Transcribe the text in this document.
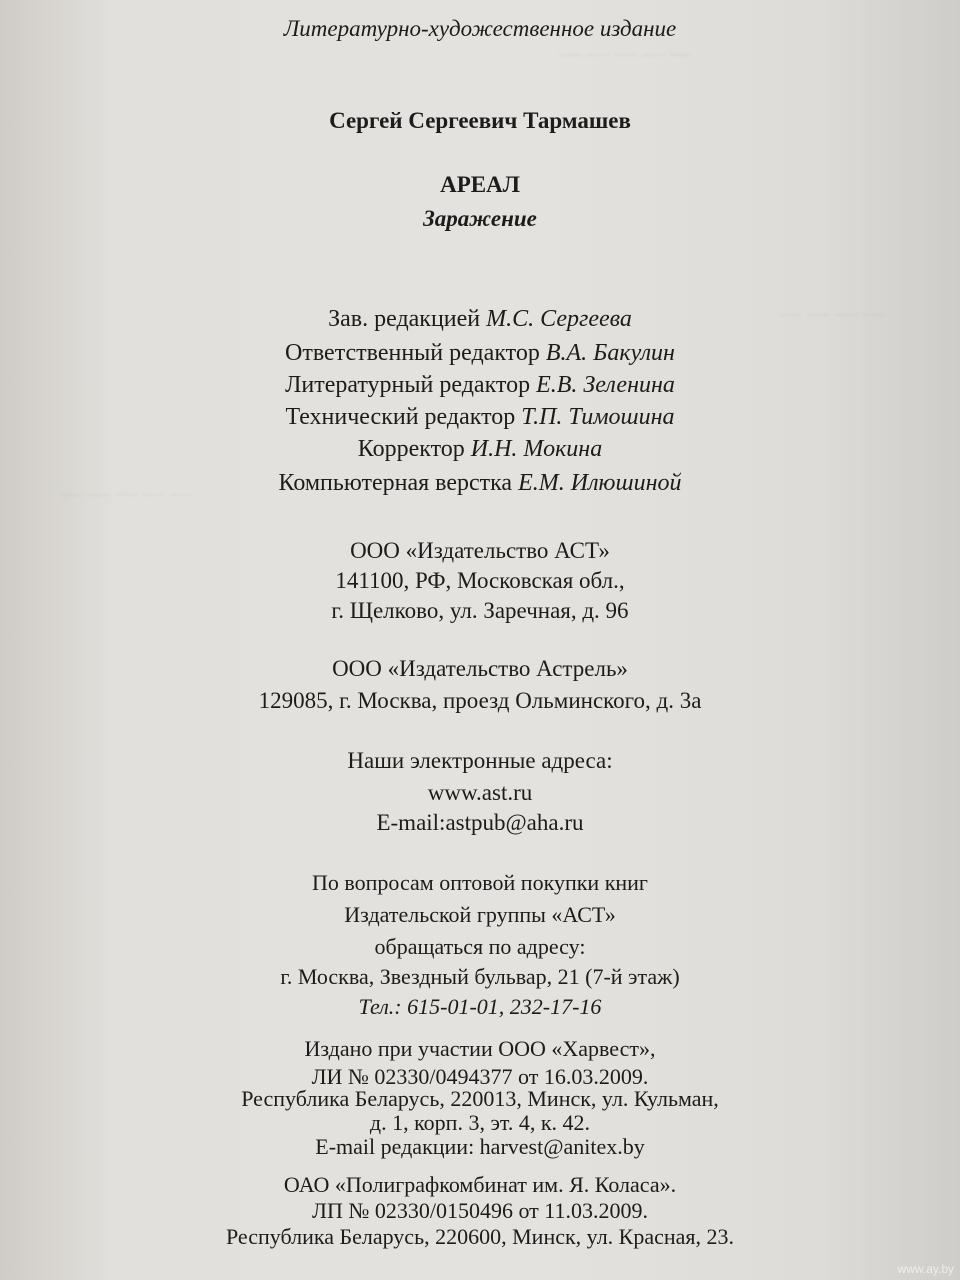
— — — — —
— — — —
— — — — —
Литературно-художественное издание
Сергей Сергеевич Тармашев
АРЕАЛ
Заражение
Зав. редакцией М.С. Сергеева
Ответственный редактор В.А. Бакулин
Литературный редактор Е.В. Зеленина
Технический редактор Т.П. Тимошина
Корректор И.Н. Мокина
Компьютерная верстка Е.М. Илюшиной
ООО «Издательство АСТ»
141100, РФ, Московская обл.,
г. Щелково, ул. Заречная, д. 96
ООО «Издательство Астрель»
129085, г. Москва, проезд Ольминского, д. 3а
Наши электронные адреса:
www.ast.ru
E-mail:astpub@aha.ru
По вопросам оптовой покупки книг
Издательской группы «АСТ»
обращаться по адресу:
г. Москва, Звездный бульвар, 21 (7-й этаж)
Тел.: 615-01-01, 232-17-16
Издано при участии ООО «Харвест»,
ЛИ № 02330/0494377 от 16.03.2009.
Республика Беларусь, 220013, Минск, ул. Кульман,
д. 1, корп. 3, эт. 4, к. 42.
E-mail редакции: harvest@anitex.by
ОАО «Полиграфкомбинат им. Я. Коласа».
ЛП № 02330/0150496 от 11.03.2009.
Республика Беларусь, 220600, Минск, ул. Красная, 23.
www.ay.by
